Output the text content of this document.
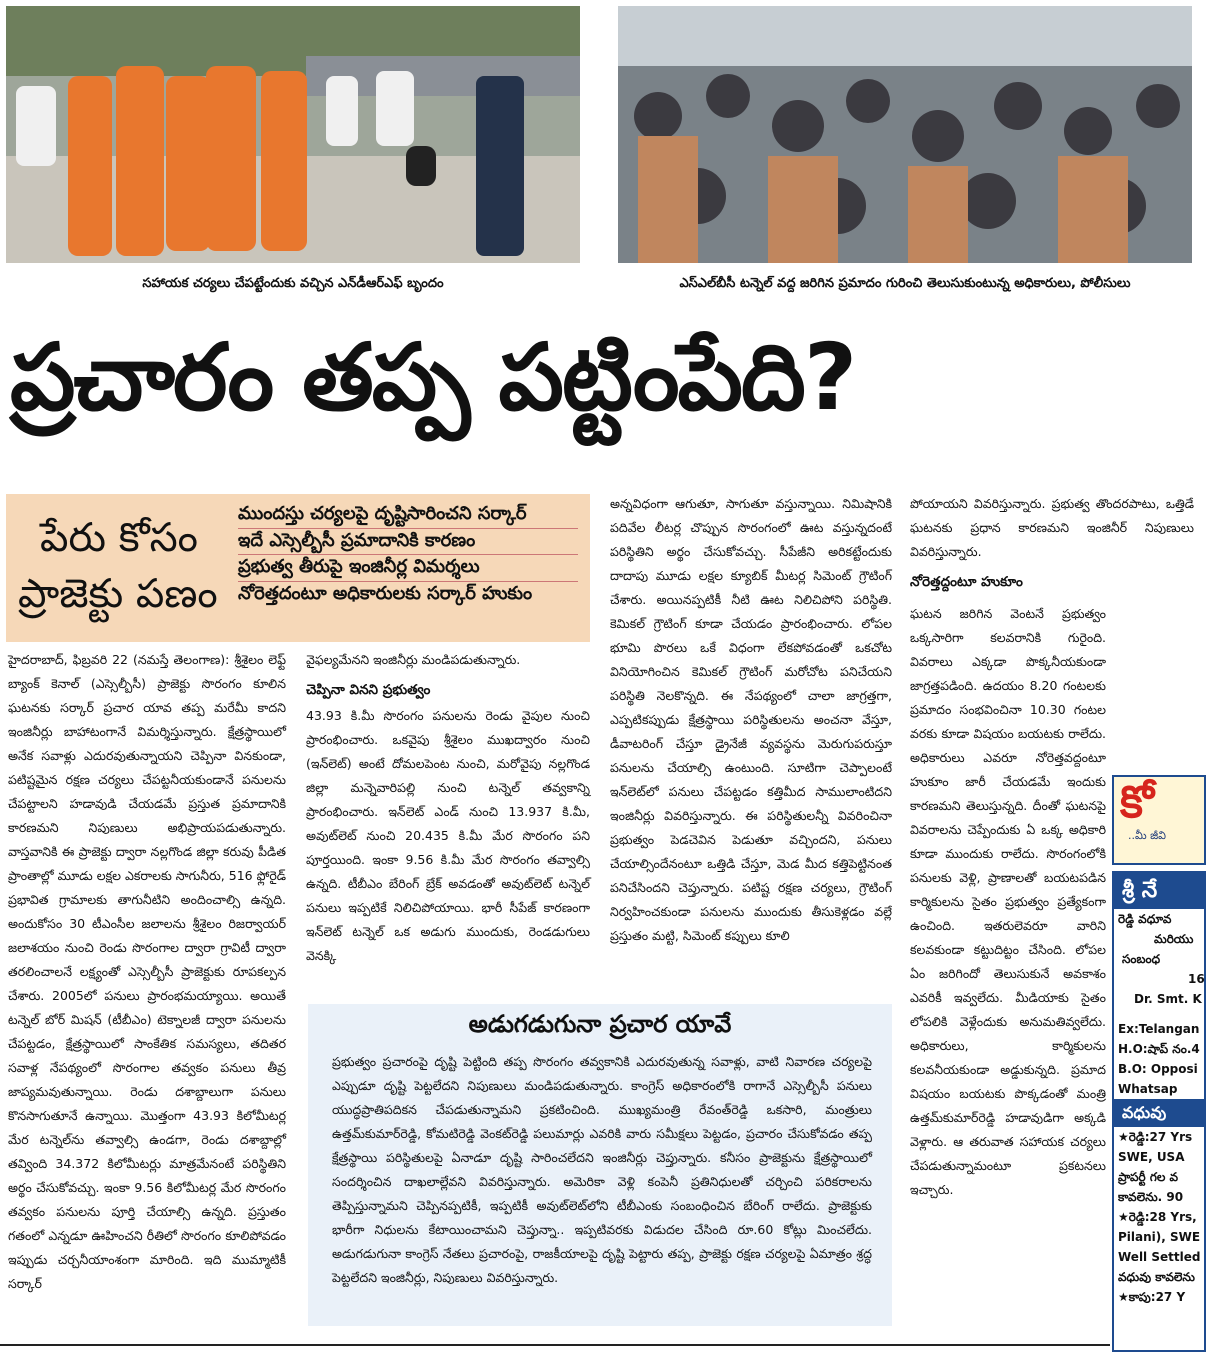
సహాయక చర్యలు చేపట్టేందుకు వచ్చిన ఎన్‌డీఆర్‌ఎఫ్ బృందం	ఎస్‌ఎల్‌బీసీ టన్నెల్ వద్ద జరిగిన ప్రమాదం గురించి తెలుసుకుంటున్న అధికారులు, పోలీసులు
ప్రచారం తప్ప పట్టింపేది?
పేరు కోసం
ప్రాజెక్టు పణం
ముందస్తు చర్యలపై దృష్టిసారించని సర్కార్
ఇదే ఎస్సెల్బీసీ ప్రమాదానికి కారణం
ప్రభుత్వ తీరుపై ఇంజినీర్ల విమర్శలు
నోరెత్తదంటూ అధికారులకు సర్కార్ హుకుం

హైదరాబాద్, ఫిబ్రవరి 22 (నమస్తే తెలంగాణ): శ్రీశైలం లెఫ్ట్ బ్యాంక్ కెనాల్ (ఎస్సెల్బీసీ) ప్రాజెక్టు సొరంగం కూలిన ఘటనకు సర్కార్ ప్రచార యావ తప్ప మరేమీ కాదని ఇంజినీర్లు బాహాటంగానే విమర్శిస్తున్నారు. క్షేత్రస్థాయిలో అనేక సవాళ్లు ఎదురవుతున్నాయని చెప్పినా వినకుండా, పటిష్టమైన రక్షణ చర్యలు చేపట్టనీయకుండానే పనులను చేపట్టాలని హడావుడి చేయడమే ప్రస్తుత ప్రమాదానికి కారణమని నిపుణులు అభిప్రాయపడుతున్నారు. వాస్తవానికి ఈ ప్రాజెక్టు ద్వారా నల్లగొండ జిల్లా కరువు పీడిత ప్రాంతాల్లో మూడు లక్షల ఎకరాలకు సాగునీరు, 516 ఫ్లోరైడ్ ప్రభావిత గ్రామాలకు తాగునీటిని అందించాల్సి ఉన్నది. అందుకోసం 30 టీఎంసీల జలాలను శ్రీశైలం రిజర్వాయర్ జలాశయం నుంచి రెండు సొరంగాల ద్వారా గ్రావిటీ ద్వారా తరలించాలనే లక్ష్యంతో ఎస్సెల్బీసీ ప్రాజెక్టుకు రూపకల్పన చేశారు. 2005లో పనులు ప్రారంభమయ్యాయి. అయితే టన్నెల్ బోర్ మిషన్ (టీబీఎం) టెక్నాలజీ ద్వారా పనులను చేపట్టడం, క్షేత్రస్థాయిలో సాంకేతిక సమస్యలు, తదితర సవాళ్ల నేపథ్యంలో సొరంగాల తవ్వకం పనులు తీవ్ర జాప్యమవుతున్నాయి. రెండు దశాబ్దాలుగా పనులు కొనసాగుతూనే ఉన్నాయి. మొత్తంగా 43.93 కిలోమీటర్ల మేర టన్నెల్‌ను తవ్వాల్సి ఉండగా, రెండు దశాబ్దాల్లో తవ్వింది 34.372 కిలోమీటర్లు మాత్రమేనంటే పరిస్థితిని అర్థం చేసుకోవచ్చు. ఇంకా 9.56 కిలోమీటర్ల మేర సొరంగం తవ్వకం పనులను పూర్తి చేయాల్సి ఉన్నది. ప్రస్తుతం గతంలో ఎన్నడూ ఊహించని రీతిలో సొరంగం కూలిపోవడం ఇప్పుడు చర్చనీయాంశంగా మారింది. ఇది ముమ్మాటికీ సర్కార్

వైఫల్యమేనని ఇంజినీర్లు మండిపడుతున్నారు.

చెప్పినా వినని ప్రభుత్వం

43.93 కి.మీ సొరంగం పనులను రెండు వైపుల నుంచి ప్రారంభించారు. ఒకవైపు శ్రీశైలం ముఖద్వారం నుంచి (ఇన్‌లెట్) అంటే దోమలపెంట నుంచి, మరోవైపు నల్లగొండ జిల్లా మన్నెవారిపల్లి నుంచి టన్నెల్ తవ్వకాన్ని ప్రారంభించారు. ఇన్‌లెట్ ఎండ్ నుంచి 13.937 కి.మీ, అవుట్‌లెట్ నుంచి 20.435 కి.మీ మేర సొరంగం పని పూర్తయింది. ఇంకా 9.56 కి.మీ మేర సొరంగం తవ్వాల్సి ఉన్నది. టీబీఎం బేరింగ్ బ్రేక్ అవడంతో అవుట్‌లెట్ టన్నెల్ పనులు ఇప్పటికే నిలిచిపోయాయి. భారీ సీపేజ్ కారణంగా ఇన్‌లెట్ టన్నెల్ ఒక అడుగు ముందుకు, రెండడుగులు వెనక్కి

అన్నవిధంగా ఆగుతూ, సాగుతూ వస్తున్నాయి. నిమిషానికి పదివేల లీటర్ల చొప్పున సొరంగంలో ఊట వస్తున్నదంటే పరిస్థితిని అర్థం చేసుకోవచ్చు. సీపేజీని అరికట్టేందుకు దాదాపు మూడు లక్షల క్యూబిక్ మీటర్ల సిమెంట్ గ్రౌటింగ్ చేశారు. అయినప్పటికీ నీటి ఊట నిలిచిపోని పరిస్థితి. కెమికల్ గ్రౌటింగ్ కూడా చేయడం ప్రారంభించారు. లోపల భూమి పొరలు ఒకే విధంగా లేకపోవడంతో ఒకచోట వినియోగించిన కెమికల్ గ్రౌటింగ్ మరోచోట పనిచేయని పరిస్థితి నెలకొన్నది. ఈ నేపథ్యంలో చాలా జాగ్రత్తగా, ఎప్పటికప్పుడు క్షేత్రస్థాయి పరిస్థితులను అంచనా వేస్తూ, డీవాటరింగ్ చేస్తూ డ్రైనేజీ వ్యవస్థను మెరుగుపరుస్తూ పనులను చేయాల్సి ఉంటుంది. సూటిగా చెప్పాలంటే ఇన్‌లెట్‌లో పనులు చేపట్టడం కత్తిమీద సాములాంటిదని ఇంజినీర్లు వివరిస్తున్నారు. ఈ పరిస్థితులన్నీ వివరించినా ప్రభుత్వం పెడచెవిన పెడుతూ వచ్చిందని, పనులు చేయాల్సిందేనంటూ ఒత్తిడి చేస్తూ, మెడ మీద కత్తిపెట్టినంత పనిచేసిందని చెప్తున్నారు. పటిష్ట రక్షణ చర్యలు, గ్రౌటింగ్ నిర్వహించకుండా పనులను ముందుకు తీసుకెళ్లడం వల్లే ప్రస్తుతం మట్టి, సిమెంట్ కప్పులు కూలి

పోయాయని వివరిస్తున్నారు. ప్రభుత్వ తొందరపాటు, ఒత్తిడే ఘటనకు ప్రధాన కారణమని ఇంజినీర్ నిపుణులు వివరిస్తున్నారు.

నోరెత్తద్దంటూ హుకూం

ఘటన జరిగిన వెంటనే ప్రభుత్వం ఒక్కసారిగా కలవరానికి గురైంది. వివరాలు ఎక్కడా పొక్కనీయకుండా జాగ్రత్తపడింది. ఉదయం 8.20 గంటలకు ప్రమాదం సంభవించినా 10.30 గంటల వరకు కూడా విషయం బయటకు రాలేదు. అధికారులు ఎవరూ నోరెత్తవద్దంటూ హుకూం జారీ చేయడమే ఇందుకు కారణమని తెలుస్తున్నది. దీంతో ఘటనపై వివరాలను చెప్పేందుకు ఏ ఒక్క అధికారి కూడా ముందుకు రాలేదు. సొరంగంలోకి పనులకు వెళ్లి, ప్రాణాలతో బయటపడిన కార్మికులను సైతం ప్రభుత్వం ప్రత్యేకంగా ఉంచింది. ఇతరులెవరూ వారిని కలవకుండా కట్టుదిట్టం చేసింది. లోపల ఏం జరిగిందో తెలుసుకునే అవకాశం ఎవరికీ ఇవ్వలేదు. మీడియాకు సైతం లోపలికి వెళ్లేందుకు అనుమతివ్వలేదు. అధికారులు, కార్మికులను కలవనీయకుండా అడ్డుకున్నది. ప్రమాద విషయం బయటకు పొక్కడంతో మంత్రి ఉత్తమ్‌కుమార్‌రెడ్డి హడావుడిగా అక్కడి వెళ్లారు. ఆ తరువాత సహాయక చర్యలు చేపడుతున్నామంటూ ప్రకటనలు ఇచ్చారు.

అడుగడుగునా ప్రచార యావే
ప్రభుత్వం ప్రచారంపై దృష్టి పెట్టింది తప్ప సొరంగం తవ్వకానికి ఎదురవుతున్న సవాళ్లు, వాటి నివారణ చర్యలపై ఎప్పుడూ దృష్టి పెట్టలేదని నిపుణులు మండిపడుతున్నారు. కాంగ్రెస్ అధికారంలోకి రాగానే ఎస్సెల్బీసీ పనులు యుద్ధప్రాతిపదికన చేపడుతున్నామని ప్రకటించింది. ముఖ్యమంత్రి రేవంత్‌రెడ్డి ఒకసారి, మంత్రులు ఉత్తమ్‌కుమార్‌రెడ్డి, కోమటిరెడ్డి వెంకట్‌రెడ్డి పలుమార్లు ఎవరికి వారు సమీక్షలు పెట్టడం, ప్రచారం చేసుకోవడం తప్ప క్షేత్రస్థాయి పరిస్థితులపై ఏనాడూ దృష్టి సారించలేదని ఇంజినీర్లు చెప్తున్నారు. కనీసం ప్రాజెక్టును క్షేత్రస్థాయిలో సందర్శించిన దాఖలాల్లేవని వివరిస్తున్నారు. అమెరికా వెళ్లి కంపెనీ ప్రతినిధులతో చర్చించి పరికరాలను తెప్పిస్తున్నామని చెప్పినప్పటికీ, ఇప్పటికీ అవుట్‌లెట్‌లోని టీబీఎంకు సంబంధించిన బేరింగ్ రాలేదు. ప్రాజెక్టుకు భారీగా నిధులను కేటాయించామని చెప్తున్నా.. ఇప్పటివరకు విడుదల చేసింది రూ.60 కోట్లు మించలేదు. అడుగడుగునా కాంగ్రెస్ నేతలు ప్రచారంపై, రాజకీయాలపై దృష్టి పెట్టారు తప్ప, ప్రాజెక్టు రక్షణ చర్యలపై ఏమాత్రం శ్రద్ధ పెట్టలేదని ఇంజినీర్లు, నిపుణులు వివరిస్తున్నారు.
కో
..మీ జీవి
శ్రీ నే
రెడ్డి వధూవ
మరియు
సంబంధ
16
Dr. Smt. K
Ex:Telangan
H.O:షాప్ నం.4
B.O: Opposi
Whatsap
వధువు
★రెడ్డి:27 Yrs
SWE, USA
ప్రాపర్టీ గల వ
కావలెను. 90
★రెడ్డి:28 Yrs,
Pilani), SWE
Well Settled
వధువు కావలెను
★కాపు:27 Y
